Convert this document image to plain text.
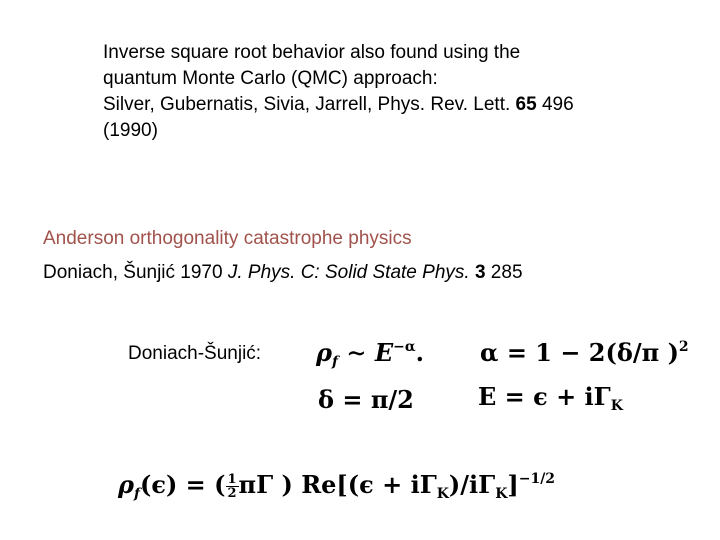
Inverse square root behavior also found using the

quantum Monte Carlo (QMC) approach:

Silver, Gubernatis, Sivia, Jarrell, Phys. Rev. Lett. 65 496

(1990)

Anderson orthogonality catastrophe physics

Doniach, Šunjić 1970 J. Phys. C: Solid State Phys. 3 285

Doniach-Šunjić: $\rho_f$ ∼ $E^{-\alpha}$. α = 1 − 2(δ/π )$^2$
δ = π/2	$E = \epsilon + i\Gamma_K$
$\rho_f(\epsilon)$ = ( $\frac{1}{2}$ πΓ ) $Re[(\epsilon + i\Gamma_K)/i\Gamma_K]^{-1/2}$
